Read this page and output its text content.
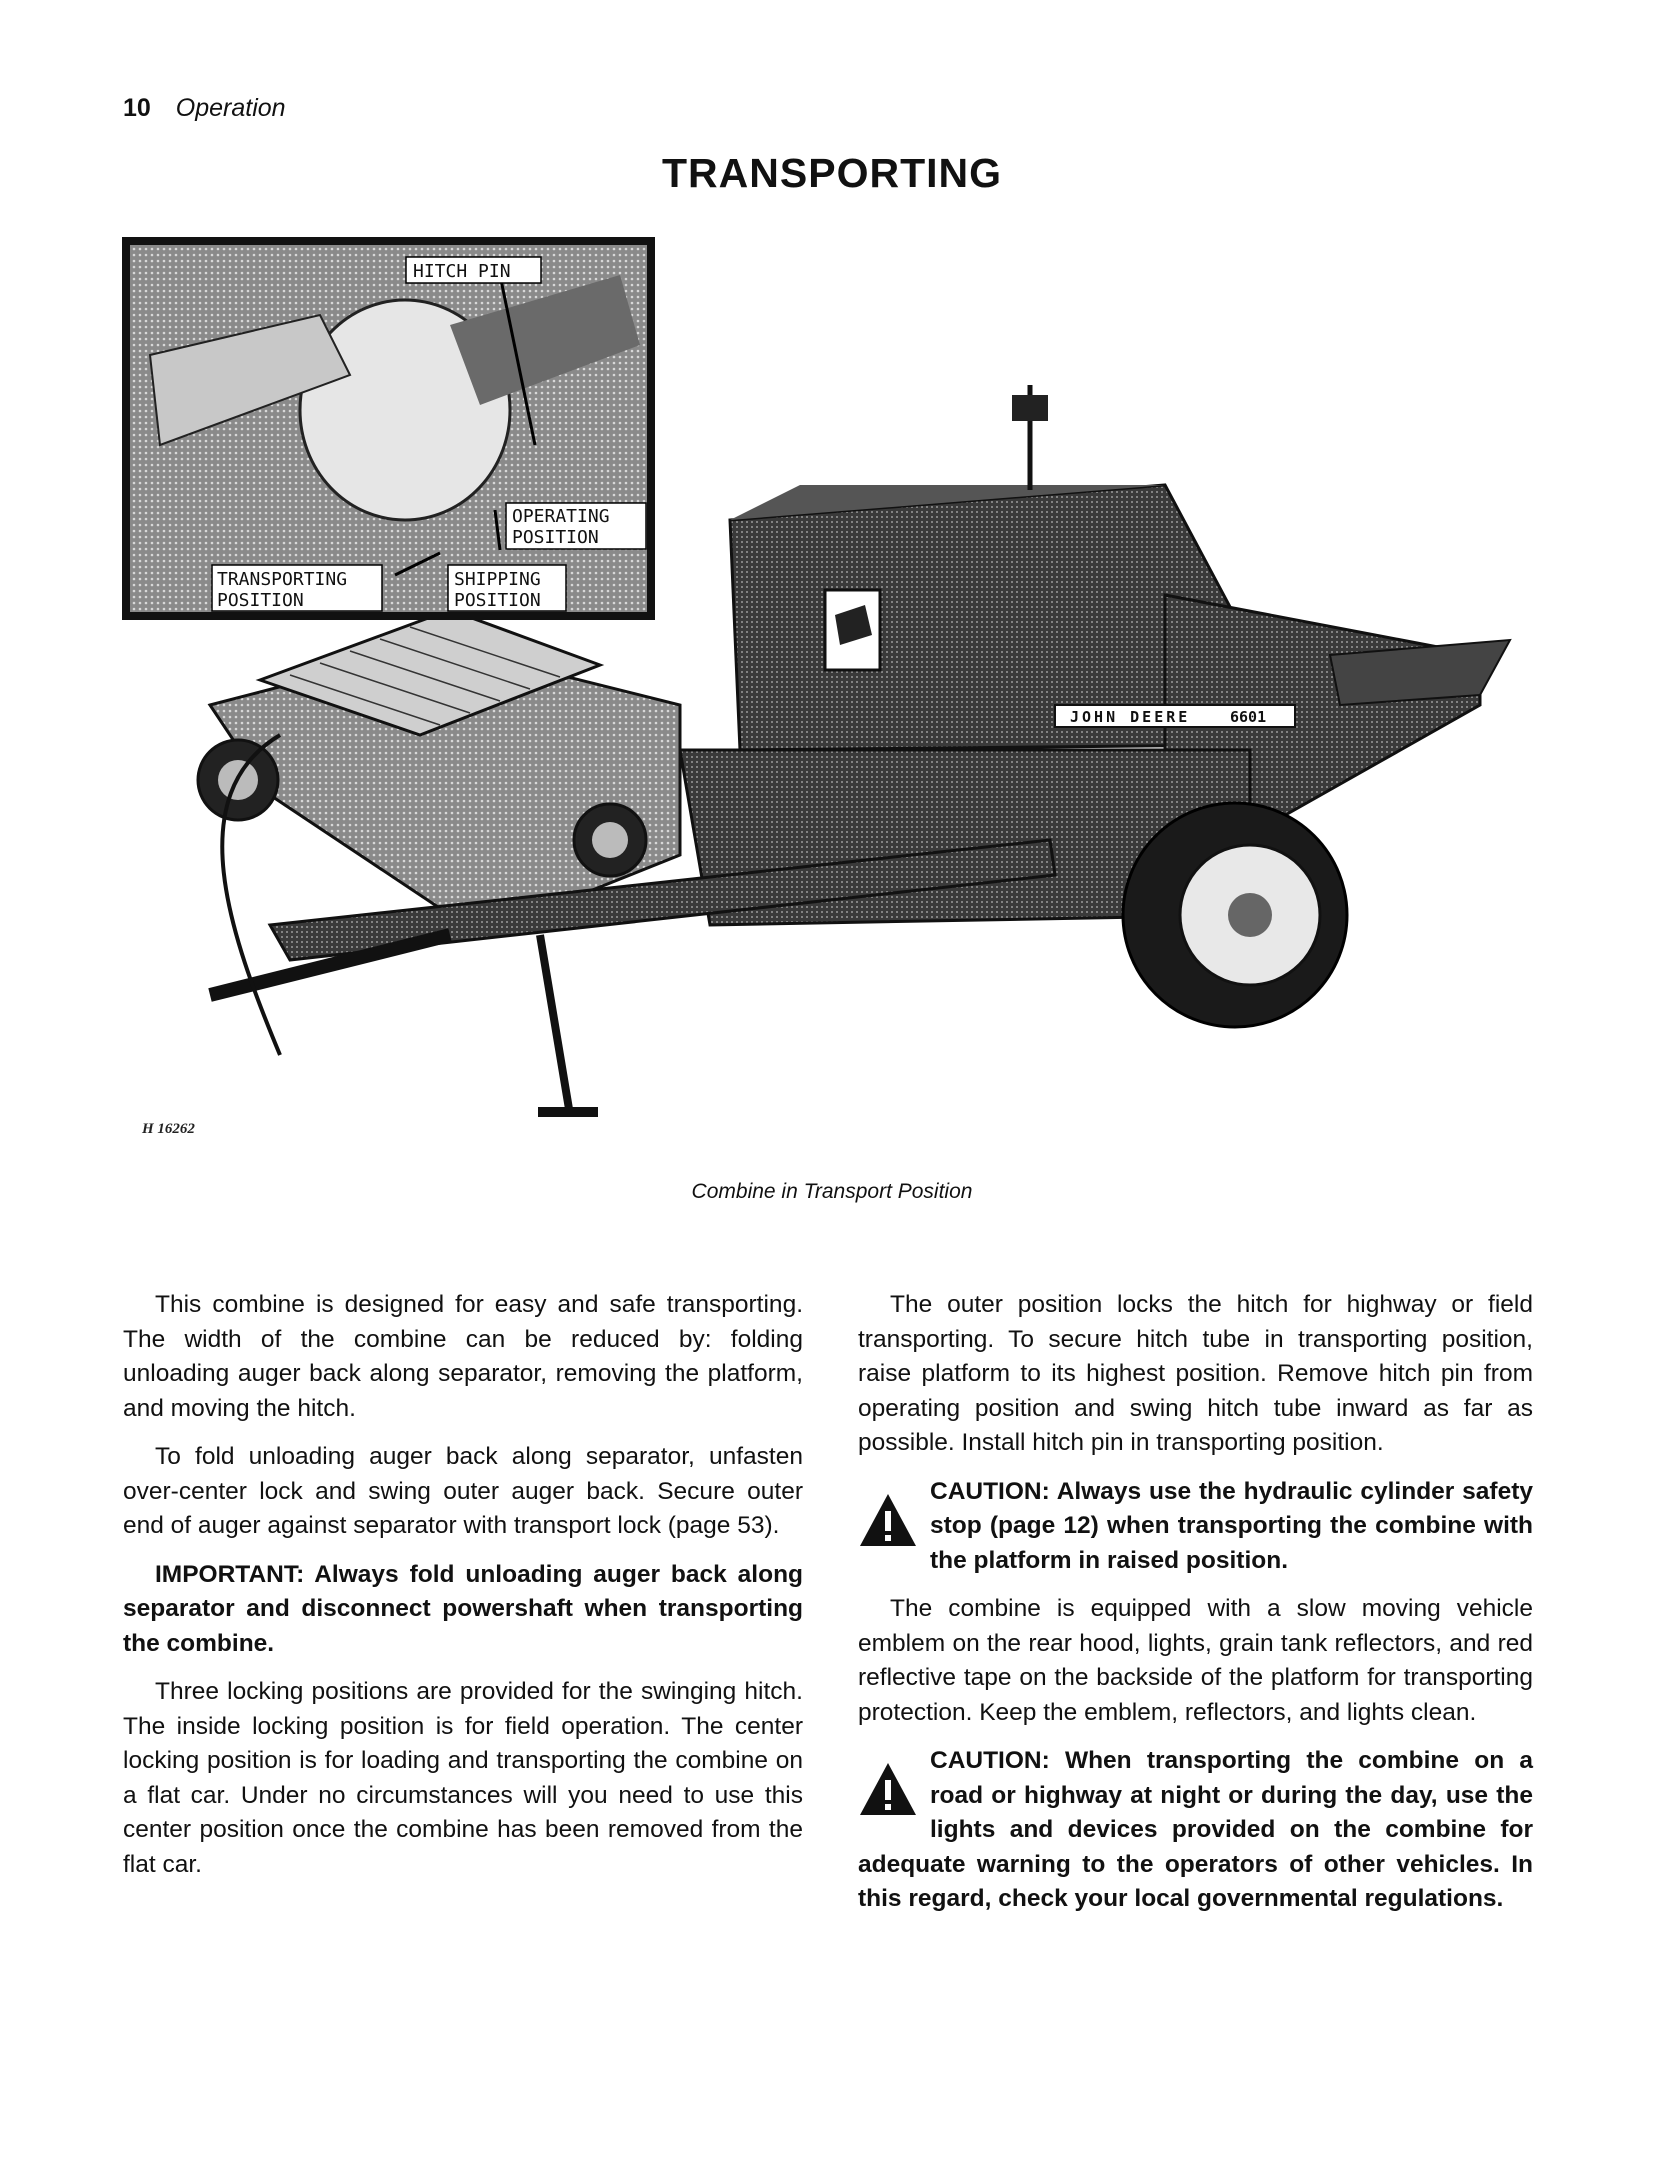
10 Operation
TRANSPORTING
JOHN DEERE	6601
HITCH PIN
OPERATING
POSITION
TRANSPORTING
POSITION
SHIPPING
POSITION
H 16262
Combine in Transport Position

This combine is designed for easy and safe transporting. The width of the combine can be reduced by: folding unloading auger back along separator, removing the platform, and moving the hitch.

To fold unloading auger back along separator, unfasten over-center lock and swing outer auger back. Secure outer end of auger against separator with transport lock (page 53).

IMPORTANT: Always fold unloading auger back along separator and disconnect powershaft when transporting the combine.

Three locking positions are provided for the swinging hitch. The inside locking position is for field operation. The center locking position is for loading and transporting the combine on a flat car. Under no circumstances will you need to use this center position once the combine has been removed from the flat car.

The outer position locks the hitch for highway or field transporting. To secure hitch tube in transporting position, raise platform to its highest position. Remove hitch pin from operating position and swing hitch tube inward as far as possible. Install hitch pin in transporting position.

CAUTION: Always use the hydraulic cylinder safety stop (page 12) when transporting the combine with the platform in raised position.

The combine is equipped with a slow moving vehicle emblem on the rear hood, lights, grain tank reflectors, and red reflective tape on the backside of the platform for transporting protection. Keep the emblem, reflectors, and lights clean.

CAUTION: When transporting the combine on a road or highway at night or during the day, use the lights and devices provided on the combine for adequate warning to the operators of other vehicles. In this regard, check your local governmental regulations.
